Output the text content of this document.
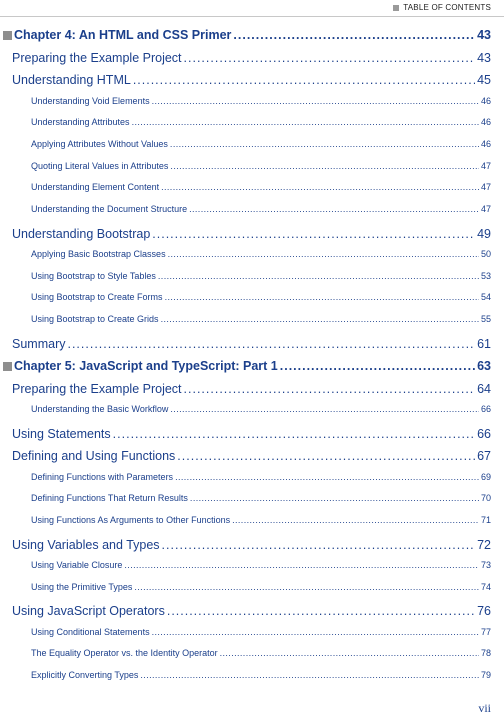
TABLE OF CONTENTS
Chapter 4: An HTML and CSS Primer .....	43
Preparing the Example Project .....	43
Understanding HTML .....	45
Understanding Void Elements .....	46
Understanding Attributes .....	46
Applying Attributes Without Values .....	46
Quoting Literal Values in Attributes .....	47
Understanding Element Content .....	47
Understanding the Document Structure .....	47
Understanding Bootstrap .....	49
Applying Basic Bootstrap Classes .....	50
Using Bootstrap to Style Tables .....	53
Using Bootstrap to Create Forms .....	54
Using Bootstrap to Create Grids .....	55
Summary .....	61
Chapter 5: JavaScript and TypeScript: Part 1 .....	63
Preparing the Example Project .....	64
Understanding the Basic Workflow .....	66
Using Statements .....	66
Defining and Using Functions .....	67
Defining Functions with Parameters .....	69
Defining Functions That Return Results .....	70
Using Functions As Arguments to Other Functions .....	71
Using Variables and Types .....	72
Using Variable Closure .....	73
Using the Primitive Types .....	74
Using JavaScript Operators .....	76
Using Conditional Statements .....	77
The Equality Operator vs. the Identity Operator .....	78
Explicitly Converting Types .....	79
vii
